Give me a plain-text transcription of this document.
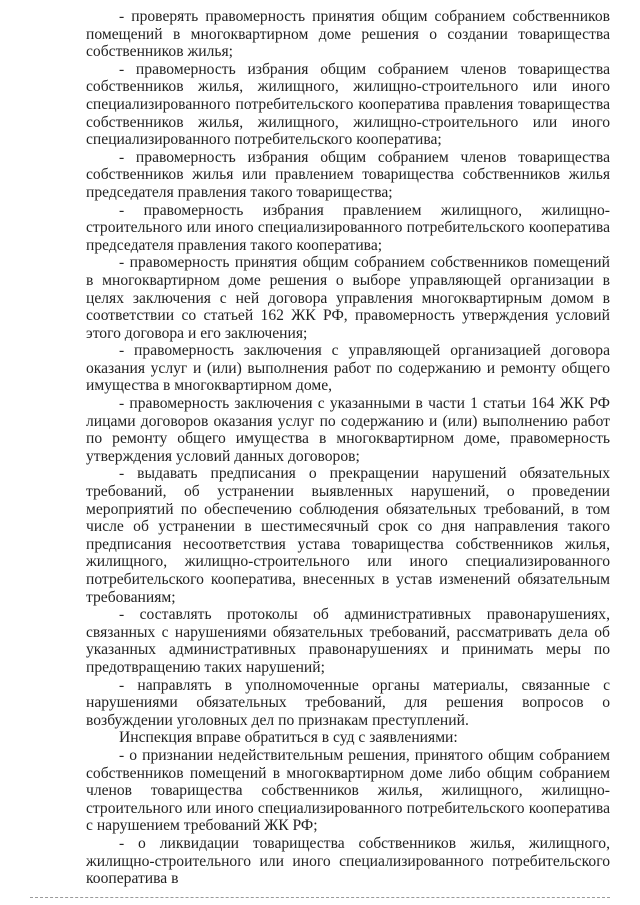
- проверять правомерность принятия общим собранием собственников помещений в многоквартирном доме решения о создании товарищества собственников жилья;

- правомерность избрания общим собранием членов товарищества собственников жилья, жилищного, жилищно-строительного или иного специализированного потребительского кооператива правления товарищества собственников жилья, жилищного, жилищно-строительного или иного специализированного потребительского кооператива;

- правомерность избрания общим собранием членов товарищества собственников жилья или правлением товарищества собственников жилья председателя правления такого товарищества;

- правомерность избрания правлением жилищного, жилищно-строительного или иного специализированного потребительского кооператива председателя правления такого кооператива;

- правомерность принятия общим собранием собственников помещений в многоквартирном доме решения о выборе управляющей организации в целях заключения с ней договора управления многоквартирным домом в соответствии со статьей 162 ЖК РФ, правомерность утверждения условий этого договора и его заключения;

- правомерность заключения с управляющей организацией договора оказания услуг и (или) выполнения работ по содержанию и ремонту общего имущества в многоквартирном доме,

- правомерность заключения с указанными в части 1 статьи 164 ЖК РФ лицами договоров оказания услуг по содержанию и (или) выполнению работ по ремонту общего имущества в многоквартирном доме, правомерность утверждения условий данных договоров;

- выдавать предписания о прекращении нарушений обязательных требований, об устранении выявленных нарушений, о проведении мероприятий по обеспечению соблюдения обязательных требований, в том числе об устранении в шестимесячный срок со дня направления такого предписания несоответствия устава товарищества собственников жилья, жилищного, жилищно-строительного или иного специализированного потребительского кооператива, внесенных в устав изменений обязательным требованиям;

- составлять протоколы об административных правонарушениях, связанных с нарушениями обязательных требований, рассматривать дела об указанных административных правонарушениях и принимать меры по предотвращению таких нарушений;

- направлять в уполномоченные органы материалы, связанные с нарушениями обязательных требований, для решения вопросов о возбуждении уголовных дел по признакам преступлений.

Инспекция вправе обратиться в суд с заявлениями:

- о признании недействительным решения, принятого общим собранием собственников помещений в многоквартирном доме либо общим собранием членов товарищества собственников жилья, жилищного, жилищно-строительного или иного специализированного потребительского кооператива с нарушением требований ЖК РФ;

- о ликвидации товарищества собственников жилья, жилищного, жилищно-строительного или иного специализированного потребительского кооператива в
